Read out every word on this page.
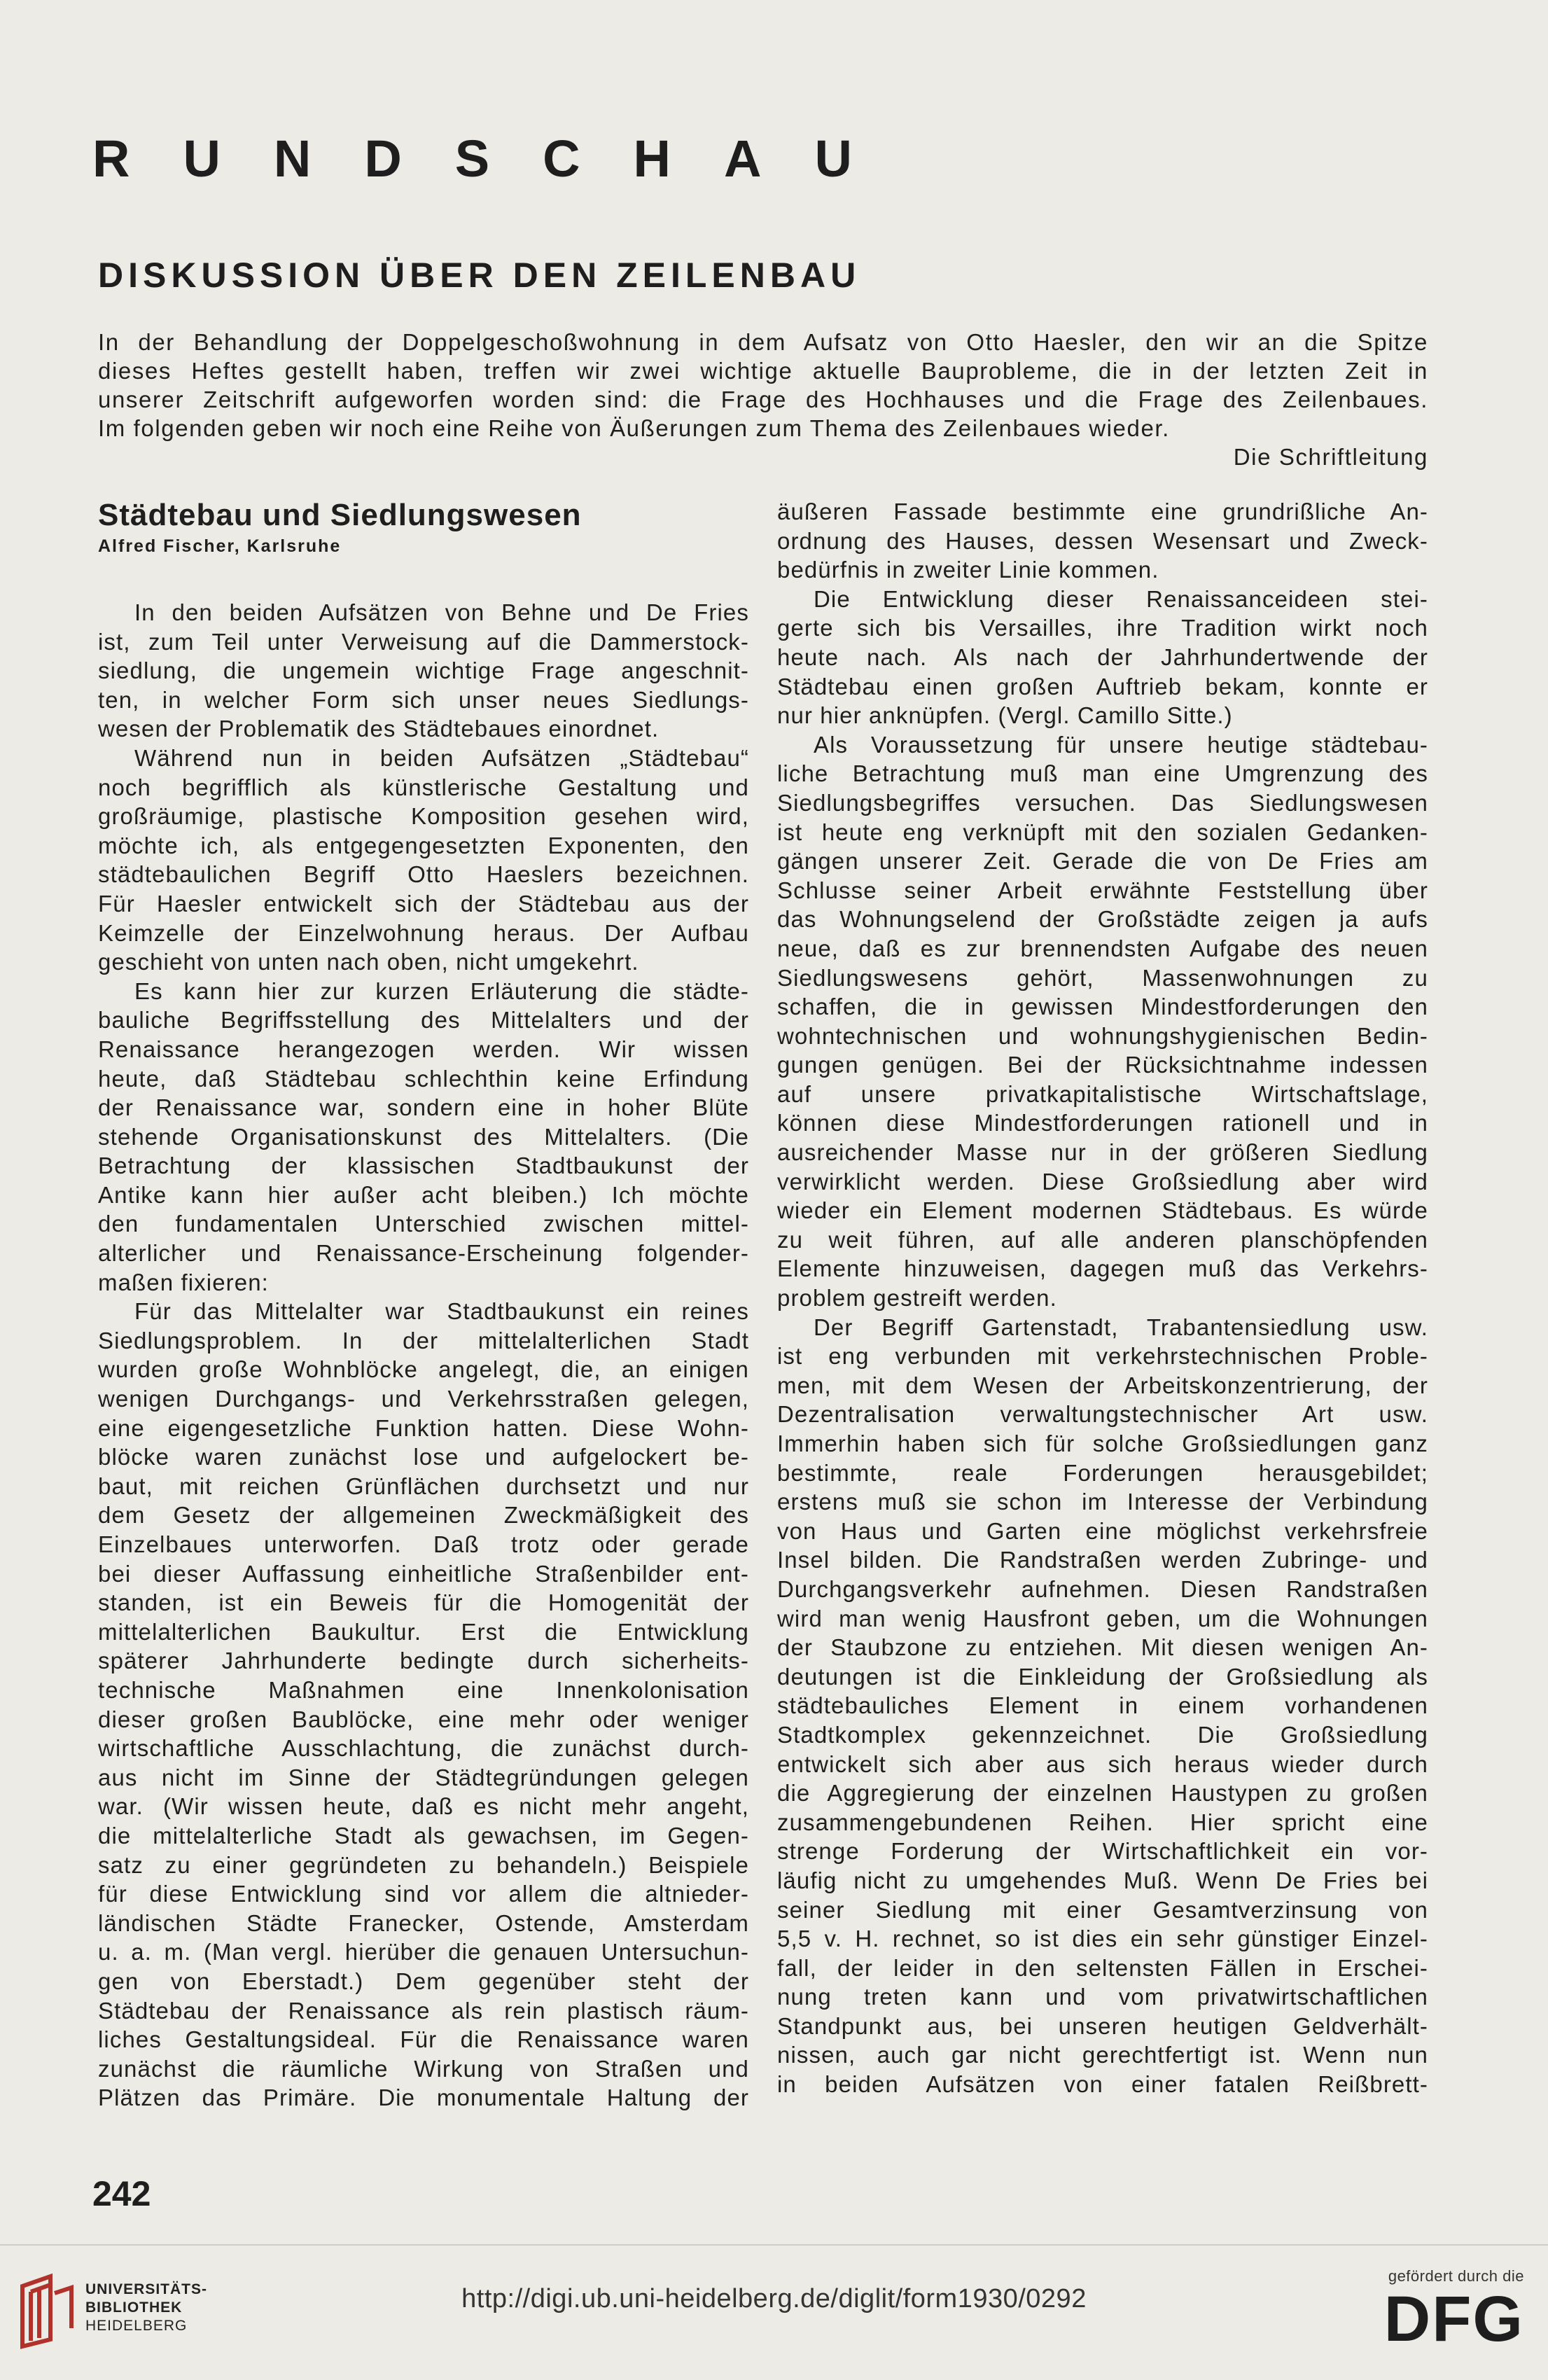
RUNDSCHAU
DISKUSSION ÜBER DEN ZEILENBAU
In der Behandlung der Doppelgeschoßwohnung in dem Aufsatz von Otto Haesler, den wir an die Spitze
dieses Heftes gestellt haben, treffen wir zwei wichtige aktuelle Bauprobleme, die in der letzten Zeit in
unserer Zeitschrift aufgeworfen worden sind: die Frage des Hochhauses und die Frage des Zeilenbaues.
Im folgenden geben wir noch eine Reihe von Äußerungen zum Thema des Zeilenbaues wieder.
Die Schriftleitung
Städtebau und Siedlungswesen
Alfred Fischer, Karlsruhe
In den beiden Aufsätzen von Behne und De Fries
ist, zum Teil unter Verweisung auf die Dammerstock-
siedlung, die ungemein wichtige Frage angeschnit-
ten, in welcher Form sich unser neues Siedlungs-
wesen der Problematik des Städtebaues einordnet.
Während nun in beiden Aufsätzen „Städtebau“
noch begrifflich als künstlerische Gestaltung und
großräumige, plastische Komposition gesehen wird,
möchte ich, als entgegengesetzten Exponenten, den
städtebaulichen Begriff Otto Haeslers bezeichnen.
Für Haesler entwickelt sich der Städtebau aus der
Keimzelle der Einzelwohnung heraus. Der Aufbau
geschieht von unten nach oben, nicht umgekehrt.
Es kann hier zur kurzen Erläuterung die städte-
bauliche Begriffsstellung des Mittelalters und der
Renaissance herangezogen werden. Wir wissen
heute, daß Städtebau schlechthin keine Erfindung
der Renaissance war, sondern eine in hoher Blüte
stehende Organisationskunst des Mittelalters. (Die
Betrachtung der klassischen Stadtbaukunst der
Antike kann hier außer acht bleiben.) Ich möchte
den fundamentalen Unterschied zwischen mittel-
alterlicher und Renaissance-Erscheinung folgender-
maßen fixieren:
Für das Mittelalter war Stadtbaukunst ein reines
Siedlungsproblem. In der mittelalterlichen Stadt
wurden große Wohnblöcke angelegt, die, an einigen
wenigen Durchgangs- und Verkehrsstraßen gelegen,
eine eigengesetzliche Funktion hatten. Diese Wohn-
blöcke waren zunächst lose und aufgelockert be-
baut, mit reichen Grünflächen durchsetzt und nur
dem Gesetz der allgemeinen Zweckmäßigkeit des
Einzelbaues unterworfen. Daß trotz oder gerade
bei dieser Auffassung einheitliche Straßenbilder ent-
standen, ist ein Beweis für die Homogenität der
mittelalterlichen Baukultur. Erst die Entwicklung
späterer Jahrhunderte bedingte durch sicherheits-
technische Maßnahmen eine Innenkolonisation
dieser großen Baublöcke, eine mehr oder weniger
wirtschaftliche Ausschlachtung, die zunächst durch-
aus nicht im Sinne der Städtegründungen gelegen
war. (Wir wissen heute, daß es nicht mehr angeht,
die mittelalterliche Stadt als gewachsen, im Gegen-
satz zu einer gegründeten zu behandeln.) Beispiele
für diese Entwicklung sind vor allem die altnieder-
ländischen Städte Franecker, Ostende, Amsterdam
u. a. m. (Man vergl. hierüber die genauen Untersuchun-
gen von Eberstadt.) Dem gegenüber steht der
Städtebau der Renaissance als rein plastisch räum-
liches Gestaltungsideal. Für die Renaissance waren
zunächst die räumliche Wirkung von Straßen und
Plätzen das Primäre. Die monumentale Haltung der
äußeren Fassade bestimmte eine grundrißliche An-
ordnung des Hauses, dessen Wesensart und Zweck-
bedürfnis in zweiter Linie kommen.
Die Entwicklung dieser Renaissanceideen stei-
gerte sich bis Versailles, ihre Tradition wirkt noch
heute nach. Als nach der Jahrhundertwende der
Städtebau einen großen Auftrieb bekam, konnte er
nur hier anknüpfen. (Vergl. Camillo Sitte.)
Als Voraussetzung für unsere heutige städtebau-
liche Betrachtung muß man eine Umgrenzung des
Siedlungsbegriffes versuchen. Das Siedlungswesen
ist heute eng verknüpft mit den sozialen Gedanken-
gängen unserer Zeit. Gerade die von De Fries am
Schlusse seiner Arbeit erwähnte Feststellung über
das Wohnungselend der Großstädte zeigen ja aufs
neue, daß es zur brennendsten Aufgabe des neuen
Siedlungswesens gehört, Massenwohnungen zu
schaffen, die in gewissen Mindestforderungen den
wohntechnischen und wohnungshygienischen Bedin-
gungen genügen. Bei der Rücksichtnahme indessen
auf unsere privatkapitalistische Wirtschaftslage,
können diese Mindestforderungen rationell und in
ausreichender Masse nur in der größeren Siedlung
verwirklicht werden. Diese Großsiedlung aber wird
wieder ein Element modernen Städtebaus. Es würde
zu weit führen, auf alle anderen planschöpfenden
Elemente hinzuweisen, dagegen muß das Verkehrs-
problem gestreift werden.
Der Begriff Gartenstadt, Trabantensiedlung usw.
ist eng verbunden mit verkehrstechnischen Proble-
men, mit dem Wesen der Arbeitskonzentrierung, der
Dezentralisation verwaltungstechnischer Art usw.
Immerhin haben sich für solche Großsiedlungen ganz
bestimmte, reale Forderungen herausgebildet;
erstens muß sie schon im Interesse der Verbindung
von Haus und Garten eine möglichst verkehrsfreie
Insel bilden. Die Randstraßen werden Zubringe- und
Durchgangsverkehr aufnehmen. Diesen Randstraßen
wird man wenig Hausfront geben, um die Wohnungen
der Staubzone zu entziehen. Mit diesen wenigen An-
deutungen ist die Einkleidung der Großsiedlung als
städtebauliches Element in einem vorhandenen
Stadtkomplex gekennzeichnet. Die Großsiedlung
entwickelt sich aber aus sich heraus wieder durch
die Aggregierung der einzelnen Haustypen zu großen
zusammengebundenen Reihen. Hier spricht eine
strenge Forderung der Wirtschaftlichkeit ein vor-
läufig nicht zu umgehendes Muß. Wenn De Fries bei
seiner Siedlung mit einer Gesamtverzinsung von
5,5 v. H. rechnet, so ist dies ein sehr günstiger Einzel-
fall, der leider in den seltensten Fällen in Erschei-
nung treten kann und vom privatwirtschaftlichen
Standpunkt aus, bei unseren heutigen Geldverhält-
nissen, auch gar nicht gerechtfertigt ist. Wenn nun
in beiden Aufsätzen von einer fatalen Reißbrett-
242
UNIVERSITÄTS-
BIBLIOTHEK
HEIDELBERG
http://digi.ub.uni-heidelberg.de/diglit/form1930/0292
gefördert durch die
DFG
